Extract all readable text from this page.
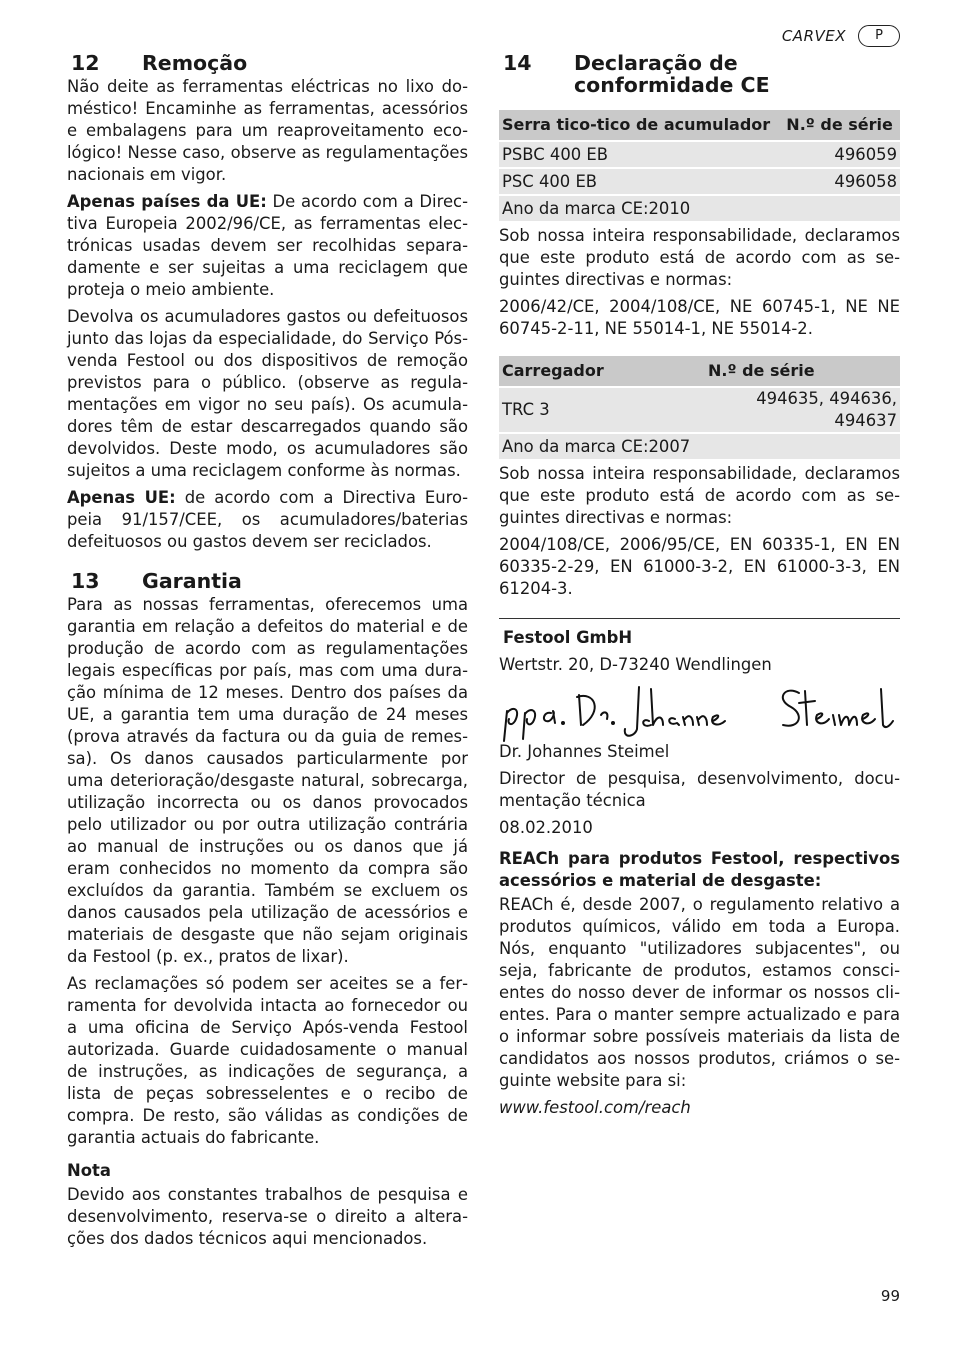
CARVEX	P
12	Remoção

Não deite as ferramentas eléctricas no lixo doméstico! Encaminhe as ferramentas, acessórios e embalagens para um reaproveitamento ecológico! Nesse caso, observe as regulamentações nacionais em vigor.

Apenas países da UE: De acordo com a Directiva Europeia 2002/96/CE, as ferramentas electrónicas usadas devem ser recolhidas separadamente e ser sujeitas a uma reciclagem que proteja o meio ambiente.

Devolva os acumuladores gastos ou defeituosos junto das lojas da especialidade, do Serviço Pós-venda Festool ou dos dispositivos de remoção previstos para o público. (observe as regulamentações em vigor no seu país). Os acumuladores têm de estar descarregados quando são devolvidos. Deste modo, os acumuladores são sujeitos a uma reciclagem conforme às normas.

Apenas UE: de acordo com a Directiva Europeia 91/157/CEE, os acumuladores/baterias defeituosos ou gastos devem ser reciclados.

13	Garantia

Para as nossas ferramentas, oferecemos uma garantia em relação a defeitos do material e de produção de acordo com as regulamentações legais específicas por país, mas com uma duração mínima de 12 meses. Dentro dos países da UE, a garantia tem uma duração de 24 meses (prova através da factura ou da guia de remessa). Os danos causados particularmente por uma deterioração/desgaste natural, sobrecarga, utilização incorrecta ou os danos provocados pelo utilizador ou por outra utilização contrária ao manual de instruções ou os danos que já eram conhecidos no momento da compra são excluídos da garantia. Também se excluem os danos causados pela utilização de acessórios e materiais de desgaste que não sejam originais da Festool (p. ex., pratos de lixar).

As reclamações só podem ser aceites se a ferramenta for devolvida intacta ao fornecedor ou a uma oficina de Serviço Após-venda Festool autorizada. Guarde cuidadosamente o manual de instruções, as indicações de segurança, a lista de peças sobresselentes e o recibo de compra. De resto, são válidas as condições de garantia actuais do fabricante.

Nota

Devido aos constantes trabalhos de pesquisa e desenvolvimento, reserva-se o direito a alterações dos dados técnicos aqui mencionados.

14	Declaração de conformidade CE
Serra tico-tico de acumulador	N.º de série
PSBC 400 EB	496059
PSC 400 EB	496058
Ano da marca CE:2010	

Sob nossa inteira responsabilidade, declaramos que este produto está de acordo com as seguintes directivas e normas:

2006/42/CE, 2004/108/CE, NE 60745-1, NE NE 60745-2-11, NE 55014-1, NE 55014-2.

Carregador	N.º de série
TRC 3	494635, 494636, 494637
Ano da marca CE:2007	

Sob nossa inteira responsabilidade, declaramos que este produto está de acordo com as seguintes directivas e normas:

2004/108/CE, 2006/95/CE, EN 60335-1, EN EN 60335-2-29, EN 61000-3-2, EN 61000-3-3, EN 61204-3.

Festool GmbH
Wertstr. 20, D-73240 Wendlingen
Dr. Johannes Steimel

Director de pesquisa, desenvolvimento, documentação técnica

08.02.2010

REACh para produtos Festool, respectivos acessórios e material de desgaste:

REACh é, desde 2007, o regulamento relativo a produtos químicos, válido em toda a Europa. Nós, enquanto "utilizadores subjacentes", ou seja, fabricante de produtos, estamos conscientes do nosso dever de informar os nossos clientes. Para o manter sempre actualizado e para o informar sobre possíveis materiais da lista de candidatos aos nossos produtos, criámos o seguinte website para si:

www.festool.com/reach
99
